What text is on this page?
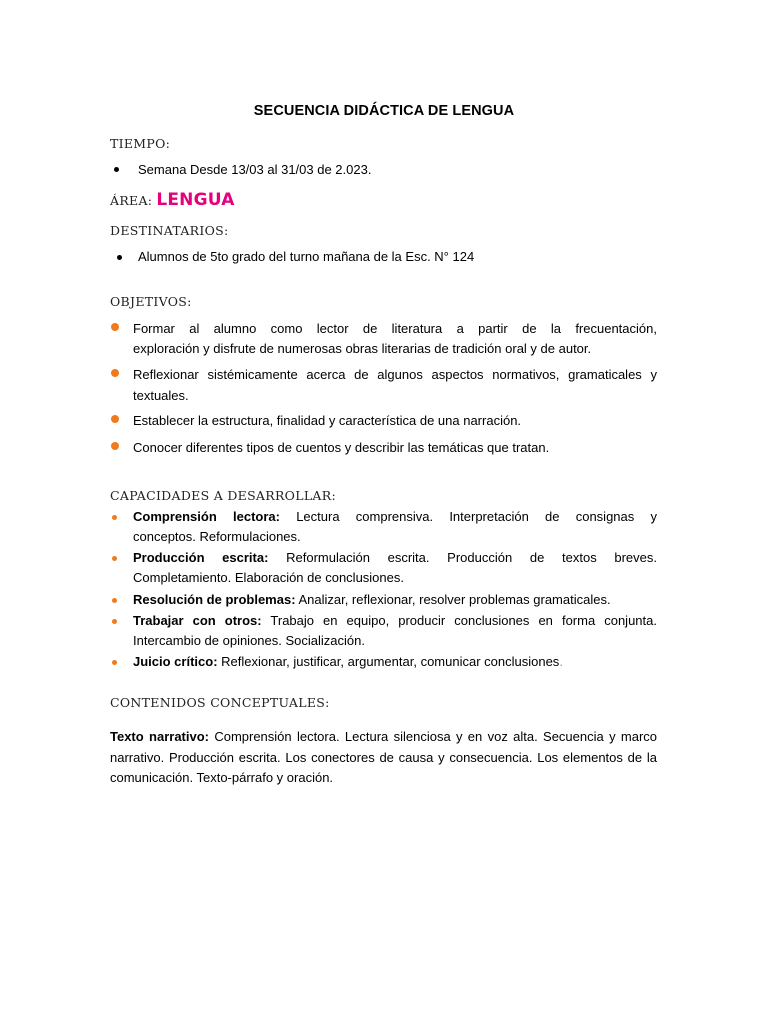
SECUENCIA DIDÁCTICA DE LENGUA
TIEMPO:
Semana Desde 13/03 al 31/03 de 2.023.
ÁREA: LENGUA
DESTINATARIOS:
Alumnos de 5to grado del turno mañana de la Esc. N° 124
OBJETIVOS:
Formar al alumno como lector de literatura a partir de la frecuentación,
exploración y disfrute de numerosas obras literarias de tradición oral y de autor.
Reflexionar sistémicamente acerca de algunos aspectos normativos, gramaticales y
textuales.
Establecer la estructura, finalidad y característica de una narración.
Conocer diferentes tipos de cuentos y describir las temáticas que tratan.
CAPACIDADES A DESARROLLAR:
Comprensión lectora: Lectura comprensiva. Interpretación de consignas y
conceptos. Reformulaciones.
Producción escrita: Reformulación escrita. Producción de textos breves.
Completamiento. Elaboración de conclusiones.
Resolución de problemas: Analizar, reflexionar, resolver problemas gramaticales.
Trabajar con otros: Trabajo en equipo, producir conclusiones en forma conjunta.
Intercambio de opiniones. Socialización.
Juicio crítico: Reflexionar, justificar, argumentar, comunicar conclusiones.
CONTENIDOS CONCEPTUALES:
Texto narrativo: Comprensión lectora. Lectura silenciosa y en voz alta. Secuencia y marco narrativo. Producción escrita. Los conectores de causa y consecuencia. Los elementos de la comunicación. Texto-párrafo y oración.
